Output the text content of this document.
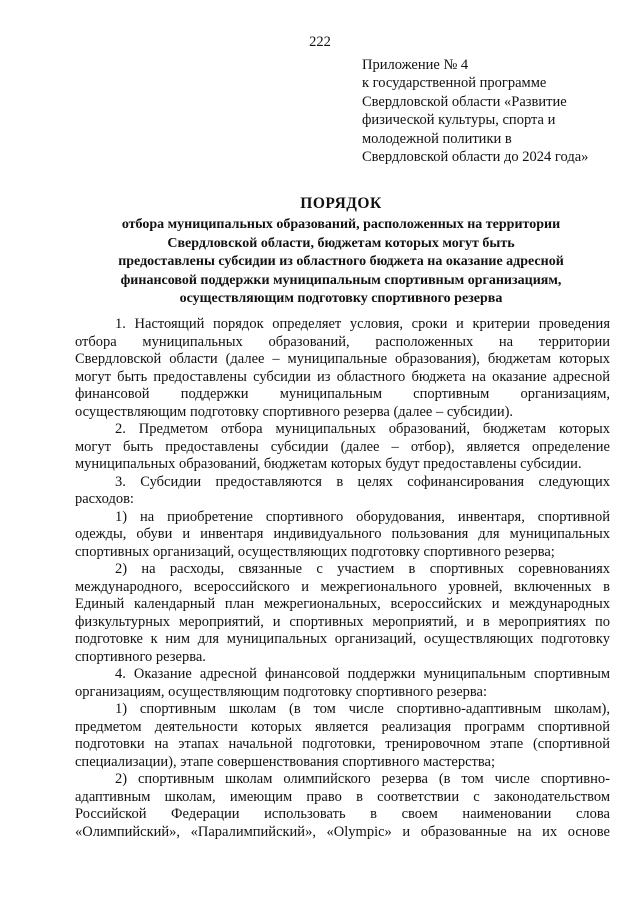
222
Приложение № 4
к государственной программе
Свердловской области «Развитие
физической культуры, спорта и
молодежной политики в
Свердловской области до 2024 года»
ПОРЯДОК
отбора муниципальных образований, расположенных на территории
Свердловской области, бюджетам которых могут быть
предоставлены субсидии из областного бюджета на оказание адресной
финансовой поддержки муниципальным спортивным организациям,
осуществляющим подготовку спортивного резерва
1. Настоящий порядок определяет условия, сроки и критерии проведения
отбора муниципальных образований, расположенных на территории
Свердловской области (далее – муниципальные образования), бюджетам которых
могут быть предоставлены субсидии из областного бюджета на оказание адресной
финансовой поддержки муниципальным спортивным организациям,
осуществляющим подготовку спортивного резерва (далее – субсидии).
2. Предметом отбора муниципальных образований, бюджетам которых
могут быть предоставлены субсидии (далее – отбор), является определение
муниципальных образований, бюджетам которых будут предоставлены субсидии.
3. Субсидии предоставляются в целях софинансирования следующих
расходов:
1) на приобретение спортивного оборудования, инвентаря, спортивной
одежды, обуви и инвентаря индивидуального пользования для муниципальных
спортивных организаций, осуществляющих подготовку спортивного резерва;
2) на расходы, связанные с участием в спортивных соревнованиях
международного, всероссийского и межрегионального уровней, включенных в
Единый календарный план межрегиональных, всероссийских и международных
физкультурных мероприятий, и спортивных мероприятий, и в мероприятиях по
подготовке к ним для муниципальных организаций, осуществляющих подготовку
спортивного резерва.
4. Оказание адресной финансовой поддержки муниципальным спортивным
организациям, осуществляющим подготовку спортивного резерва:
1) спортивным школам (в том числе спортивно-адаптивным школам),
предметом деятельности которых является реализация программ спортивной
подготовки на этапах начальной подготовки, тренировочном этапе (спортивной
специализации), этапе совершенствования спортивного мастерства;
2) спортивным школам олимпийского резерва (в том числе спортивно-
адаптивным школам, имеющим право в соответствии с законодательством
Российской Федерации использовать в своем наименовании слова
«Олимпийский», «Паралимпийский», «Olympic» и образованные на их основе
